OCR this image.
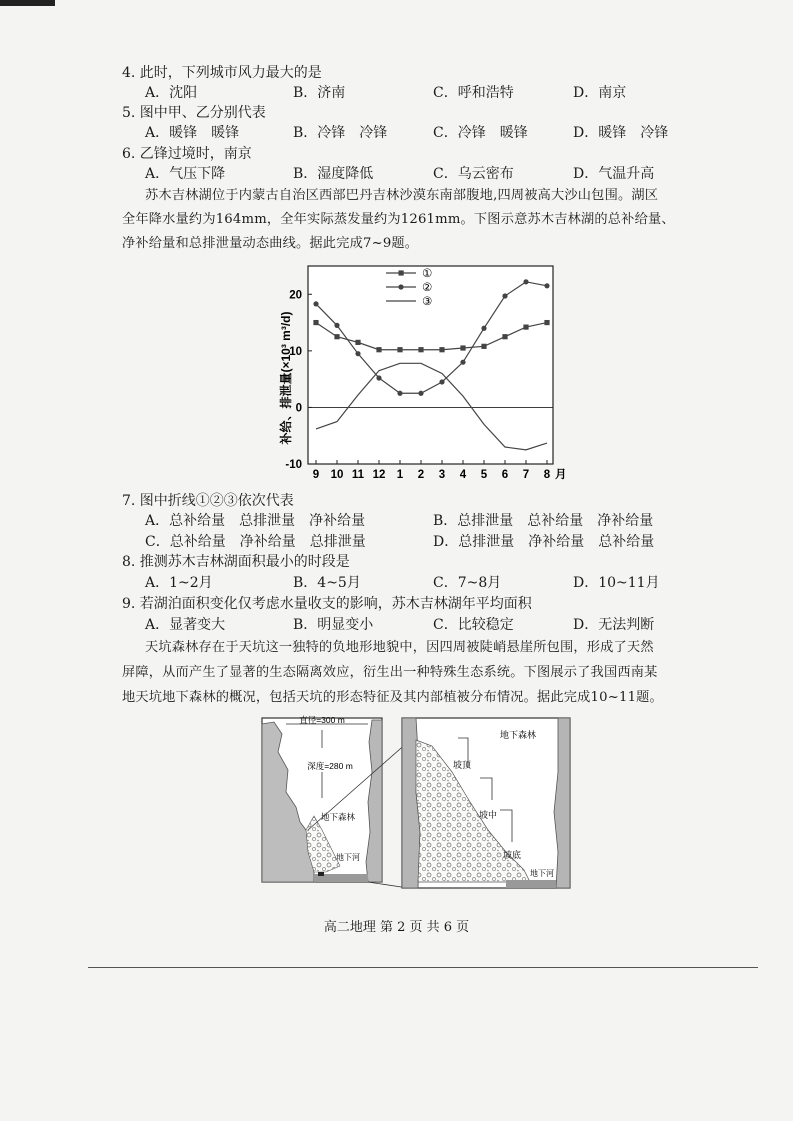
4. 此时，下列城市风力最大的是
A．沈阳	B．济南	C．呼和浩特	D．南京
5. 图中甲、乙分别代表
A．暖锋　暖锋	B．冷锋　冷锋	C．冷锋　暖锋	D．暖锋　冷锋
6. 乙锋过境时，南京
A．气压下降	B．湿度降低	C．乌云密布	D．气温升高
苏木吉林湖位于内蒙古自治区西部巴丹吉林沙漠东南部腹地,四周被高大沙山包围。湖区
全年降水量约为164mm，全年实际蒸发量约为1261mm。下图示意苏木吉林湖的总补给量、
净补给量和总排泄量动态曲线。据此完成7~9题。
20
10
0
-10
9 10 11 12 1 2 3 4 5 6 7 8 月
①
②
③
补给、排泄量(×10³ m³/d)
7. 图中折线①②③依次代表
A．总补给量　总排泄量　净补给量	B．总排泄量　总补给量　净补给量
C．总补给量　净补给量　总排泄量	D．总排泄量　净补给量　总补给量
8. 推测苏木吉林湖面积最小的时段是
A．1~2月	B．4~5月	C．7~8月	D．10~11月
9. 若湖泊面积变化仅考虑水量收支的影响，苏木吉林湖年平均面积
A．显著变大	B．明显变小	C．比较稳定	D．无法判断
天坑森林存在于天坑这一独特的负地形地貌中，因四周被陡峭悬崖所包围，形成了天然
屏障，从而产生了显著的生态隔离效应，衍生出一种特殊生态系统。下图展示了我国西南某
地天坑地下森林的概况，包括天坑的形态特征及其内部植被分布情况。据此完成10~11题。
直径=300 m
深度=280 m
地下森林
地下河
地下森林
坡顶
坡中
坡底
地下河
高二地理 第 2 页 共 6 页
